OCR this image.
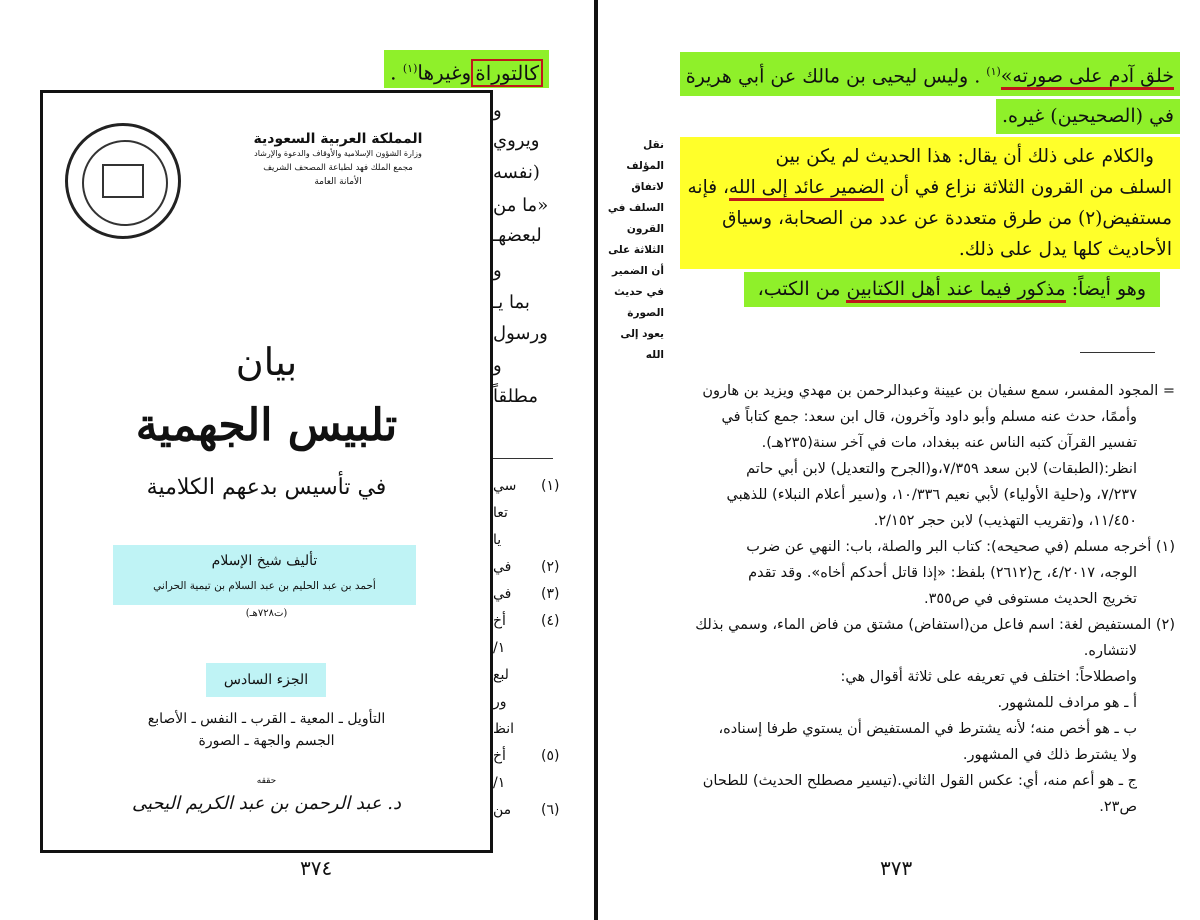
كالتوراةوغيرها$^{(١)}$ .
و
ويروي
(نفسه
«ما من
لبعضهـ
و
بما يـ
ورسول
و
مطلقاً
سي (١)
تعا
يا
في (٢)
في (٣)
أخ	(٤)
/١
لبع
ور
انظ
أخ	(٥)
/١
من (٦)
المملكة العربية السعودية
وزارة الشؤون الإسلامية والأوقاف والدعوة والإرشاد
مجمع الملك فهد لطباعة المصحف الشريف
الأمانة العامة
بيان
تلبيس الجهمية
في تأسيس بدعهم الكلامية
تأليف شيخ الإسلام
أحمد بن عبد الحليم بن عبد السلام بن تيمية الحراني
(ت٧٢٨هـ)
الجزء السادس
التأويل ـ المعية ـ القرب ـ النفس ـ الأصابع
الجسم والجهة ـ الصورة
حققه
د. عبد الرحمن بن عبد الكريم اليحيى
٣٧٤
خلق آدم على صورته»$^{(١)}$ . وليس ليحيى بن مالك عن أبي هريرة
في (الصحيحين) غيره.
والكلام على ذلك أن يقال: هذا الحديث لم يكن بين
السلف من القرون الثلاثة نزاع في أن الضمير عائد إلى الله، فإنه
مستفيض(٢) من طرق متعددة عن عدد من الصحابة، وسياق
الأحاديث كلها يدل على ذلك.
وهو أيضاً: مذكور فيما عند أهل الكتابين من الكتب،
نقل المؤلف لاتفاق السلف في القرون الثلاثة على أن الضمير في حديث الصورة يعود إلى الله
= المجود المفسر، سمع سفيان بن عيينة وعبدالرحمن بن مهدي ويزيد بن هارون
وأممًا، حدث عنه مسلم وأبو داود وآخرون، قال ابن سعد: جمع كتاباً في
تفسير القرآن كتبه الناس عنه ببغداد، مات في آخر سنة(٢٣٥هـ).
انظر:(الطبقات) لابن سعد ٧/٣٥٩،و(الجرح والتعديل) لابن أبي حاتم
٧/٢٣٧، و(حلية الأولياء) لأبي نعيم ١٠/٣٣٦، و(سير أعلام النبلاء) للذهبي
١١/٤٥٠، و(تقريب التهذيب) لابن حجر ٢/١٥٢.
(١) أخرجه مسلم (في صحيحه): كتاب البر والصلة، باب: النهي عن ضرب
الوجه، ٤/٢٠١٧، ح(٢٦١٢) بلفظ: «إذا قاتل أحدكم أخاه». وقد تقدم
تخريج الحديث مستوفى في ص٣٥٥.
(٢) المستفيض لغة: اسم فاعل من(استفاض) مشتق من فاض الماء، وسمي بذلك
لانتشاره.
واصطلاحاً: اختلف في تعريفه على ثلاثة أقوال هي:
أ ـ هو مرادف للمشهور.
ب ـ هو أخص منه؛ لأنه يشترط في المستفيض أن يستوي طرفا إسناده،
ولا يشترط ذلك في المشهور.
ج ـ هو أعم منه، أي: عكس القول الثاني.(تيسير مصطلح الحديث) للطحان
ص٢٣.
٣٧٣
